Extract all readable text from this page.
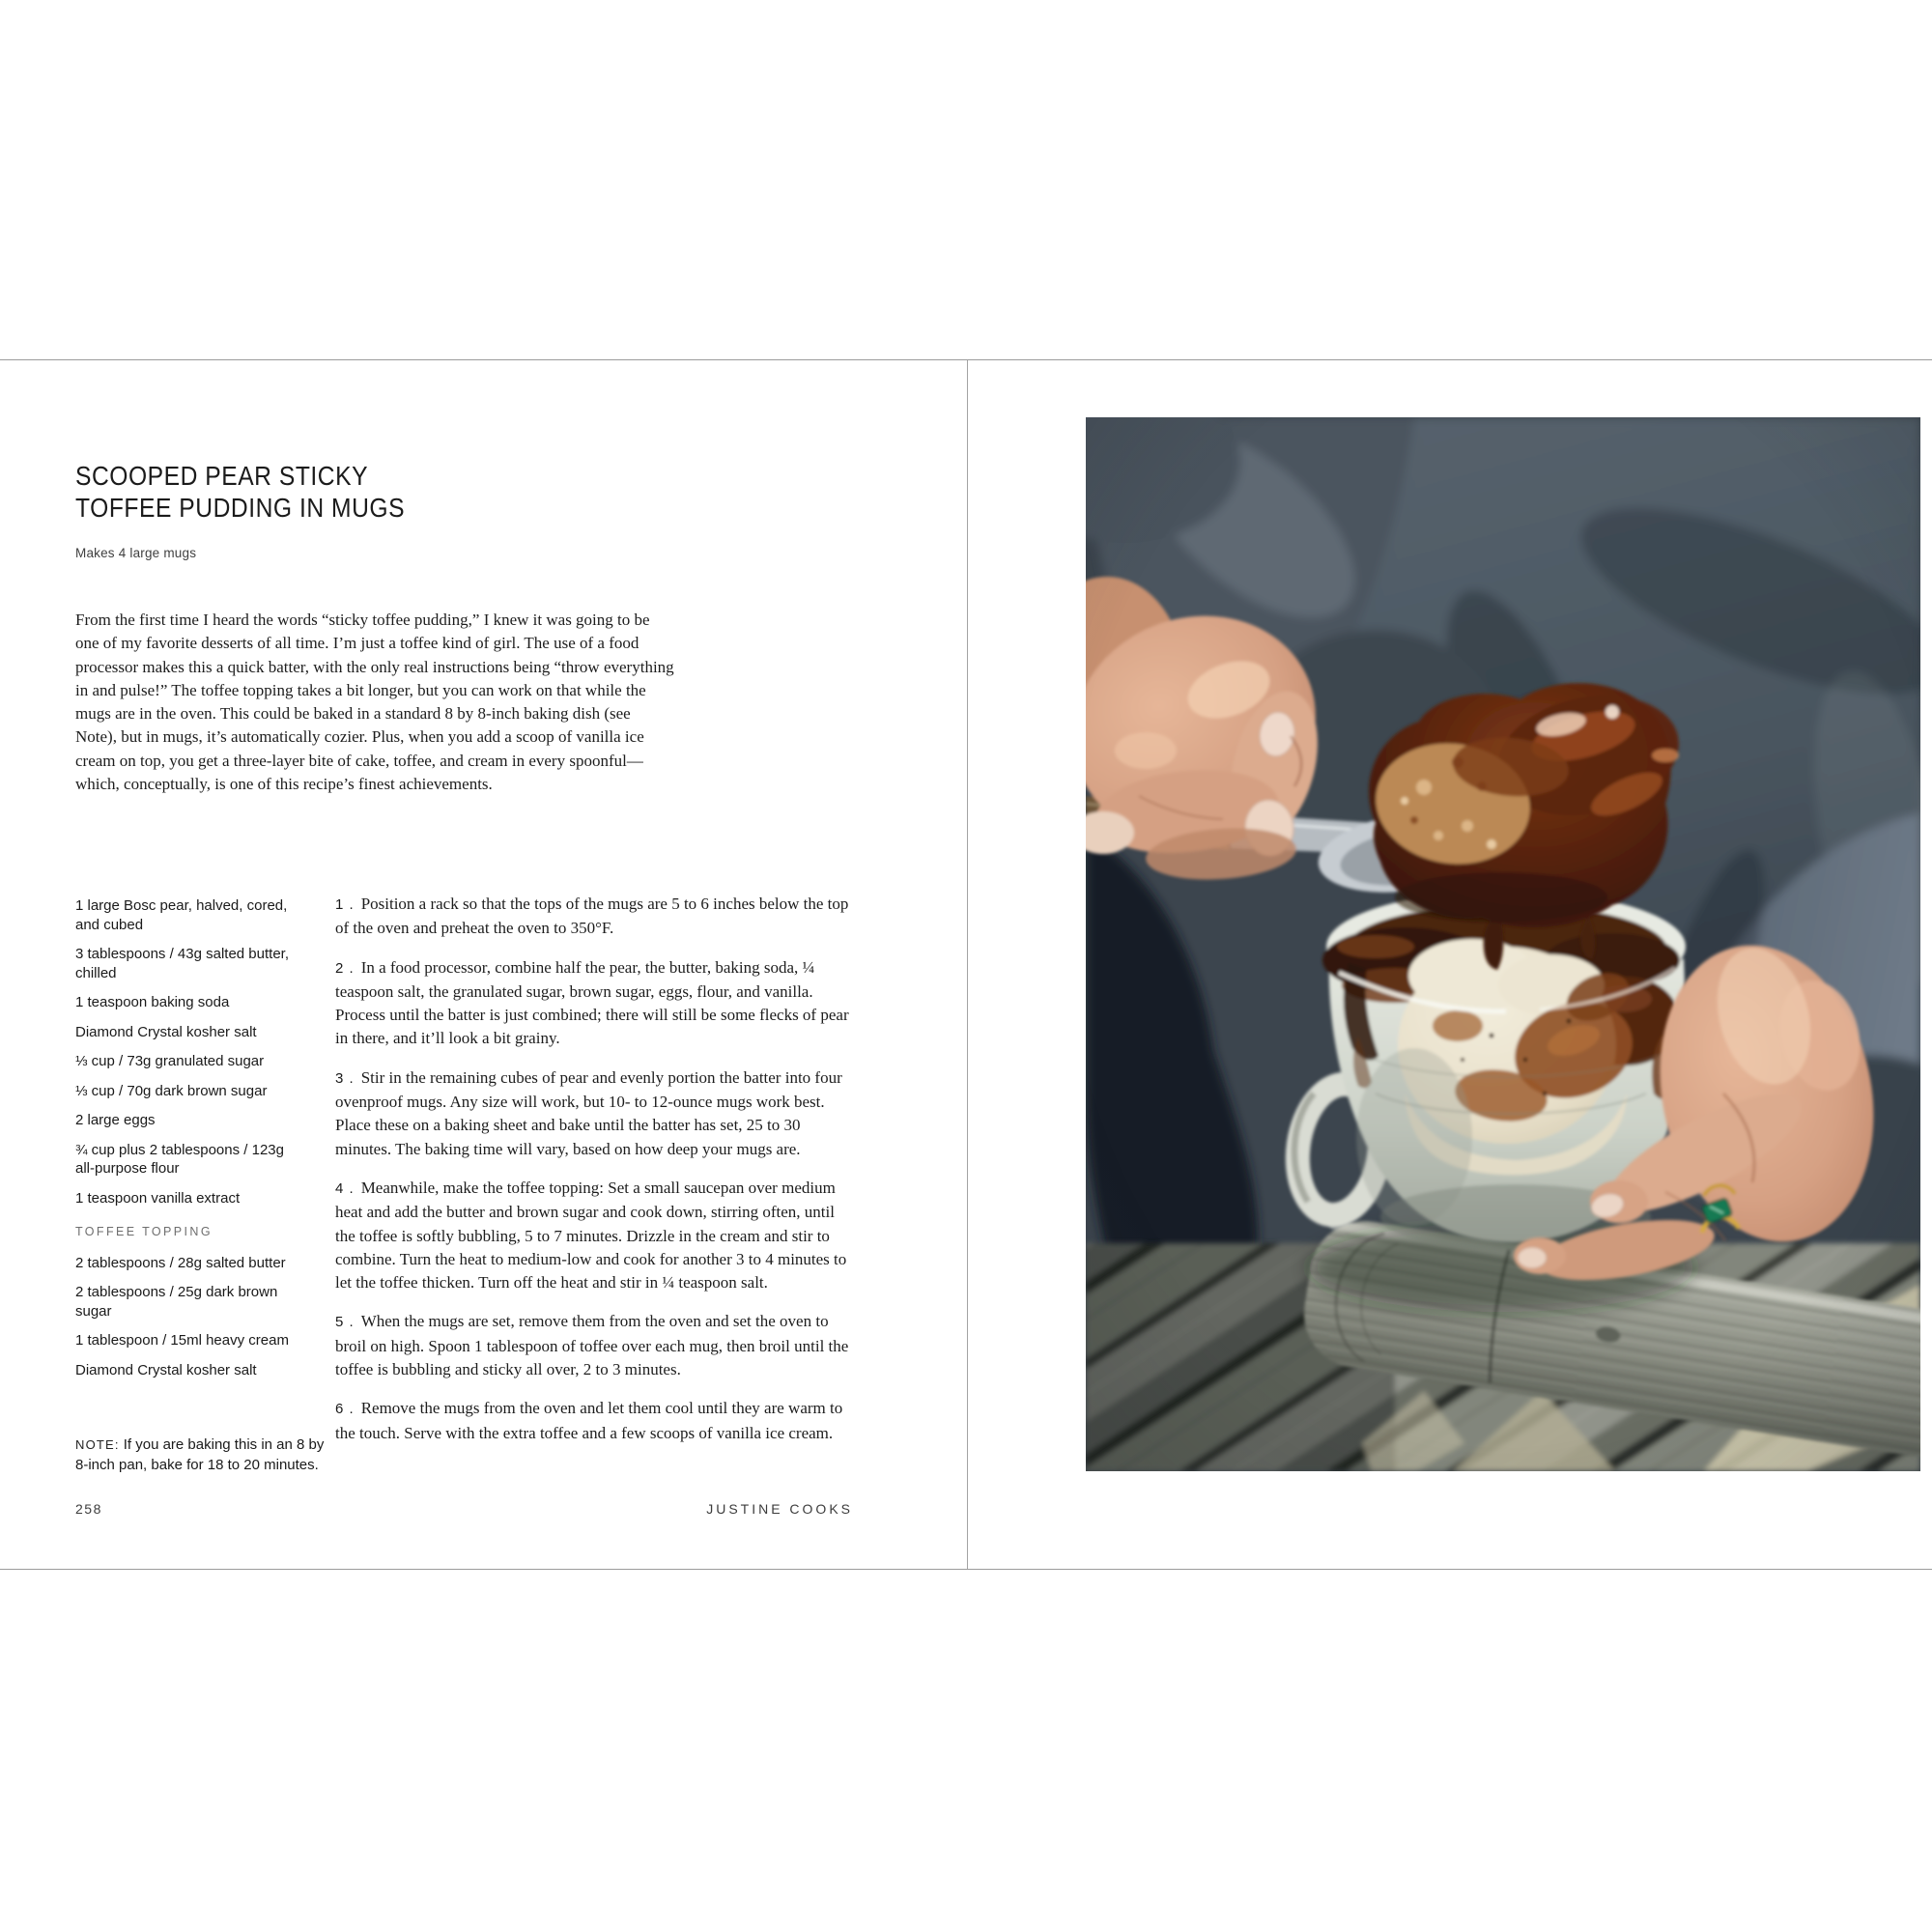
SCOOPED PEAR STICKY
TOFFEE PUDDING IN MUGS
Makes 4 large mugs
From the first time I heard the words “sticky toffee pudding,” I knew it was going to be one of my favorite desserts of all time. I’m just a toffee kind of girl. The use of a food processor makes this a quick batter, with the only real instructions being “throw everything in and pulse!” The toffee topping takes a bit longer, but you can work on that while the mugs are in the oven. This could be baked in a standard 8 by 8-inch baking dish (see Note), but in mugs, it’s automatically cozier. Plus, when you add a scoop of vanilla ice cream on top, you get a three-layer bite of cake, toffee, and cream in every spoonful—which, conceptually, is one of this recipe’s finest achievements.
1 large Bosc pear, halved, cored, and cubed
3 tablespoons / 43g salted butter, chilled
1 teaspoon baking soda
Diamond Crystal kosher salt
⅓ cup / 73g granulated sugar
⅓ cup / 70g dark brown sugar
2 large eggs
¾ cup plus 2 tablespoons / 123g all-purpose flour
1 teaspoon vanilla extract
TOFFEE TOPPING
2 tablespoons / 28g salted butter
2 tablespoons / 25g dark brown sugar
1 tablespoon / 15ml heavy cream
Diamond Crystal kosher salt
NOTE: If you are baking this in an 8 by 8-inch pan, bake for 18 to 20 minutes.

1 . Position a rack so that the tops of the mugs are 5 to 6 inches below the top of the oven and preheat the oven to 350°F.

2 . In a food processor, combine half the pear, the butter, baking soda, ¼ teaspoon salt, the granulated sugar, brown sugar, eggs, flour, and vanilla. Process until the batter is just combined; there will still be some flecks of pear in there, and it’ll look a bit grainy.

3 . Stir in the remaining cubes of pear and evenly portion the batter into four ovenproof mugs. Any size will work, but 10- to 12-ounce mugs work best. Place these on a baking sheet and bake until the batter has set, 25 to 30 minutes. The baking time will vary, based on how deep your mugs are.

4 . Meanwhile, make the toffee topping: Set a small saucepan over medium heat and add the butter and brown sugar and cook down, stirring often, until the toffee is softly bubbling, 5 to 7 minutes. Drizzle in the cream and stir to combine. Turn the heat to medium-low and cook for another 3 to 4 minutes to let the toffee thicken. Turn off the heat and stir in ¼ teaspoon salt.

5 . When the mugs are set, remove them from the oven and set the oven to broil on high. Spoon 1 tablespoon of toffee over each mug, then broil until the toffee is bubbling and sticky all over, 2 to 3 minutes.

6 . Remove the mugs from the oven and let them cool until they are warm to the touch. Serve with the extra toffee and a few scoops of vanilla ice cream.

258	JUSTINE COOKS
